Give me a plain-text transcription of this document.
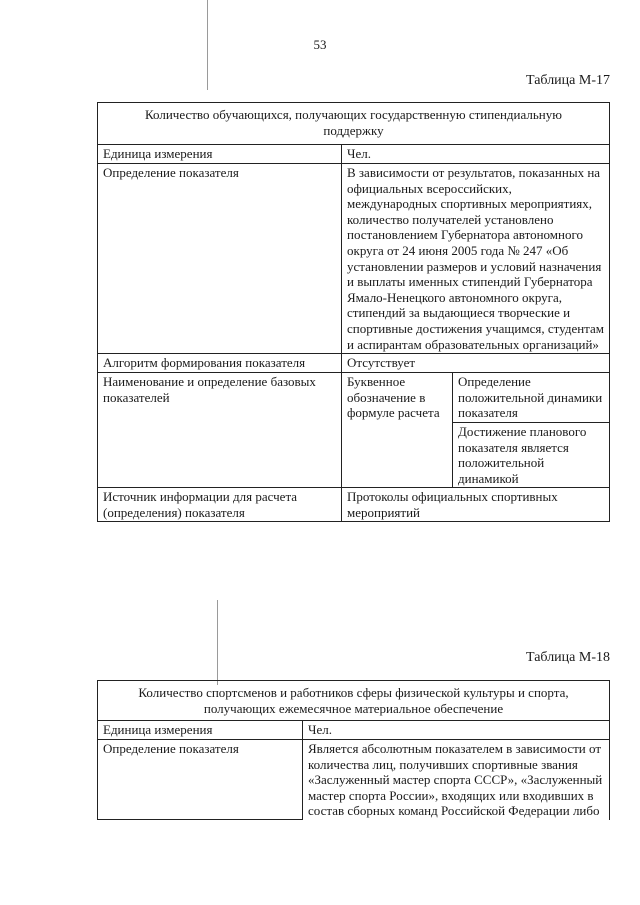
53
Таблица М-17
Количество обучающихся, получающих государственную стипендиальную поддержку		
Единица измерения	Чел.	
Определение показателя	В зависимости от результатов, показанных на официальных всероссийских, международных спортивных мероприятиях, количество получателей установлено постановлением Губернатора автономного округа от 24 июня 2005 года № 247 «Об установлении размеров и условий назначения и выплаты именных стипендий Губернатора Ямало-Ненецкого автономного округа, стипендий за выдающиеся творческие и спортивные достижения учащимся, студентам и аспирантам образовательных организаций»	
Алгоритм формирования показателя	Отсутствует	
Наименование и определение базовых показателей	Буквенное обозначение в формуле расчета	Определение положительной динамики показателя
		Достижение планового показателя является положительной динамикой
Источник информации для расчета (определения) показателя	Протоколы официальных спортивных мероприятий	
Таблица М-18
Количество спортсменов и работников сферы физической культуры и спорта, получающих ежемесячное материальное обеспечение	
Единица измерения	Чел.
Определение показателя	Является абсолютным показателем в зависимости от количества лиц, получивших спортивные звания «Заслуженный мастер спорта СССР», «Заслуженный мастер спорта России», входящих или входивших в состав сборных команд Российской Федерации либо
